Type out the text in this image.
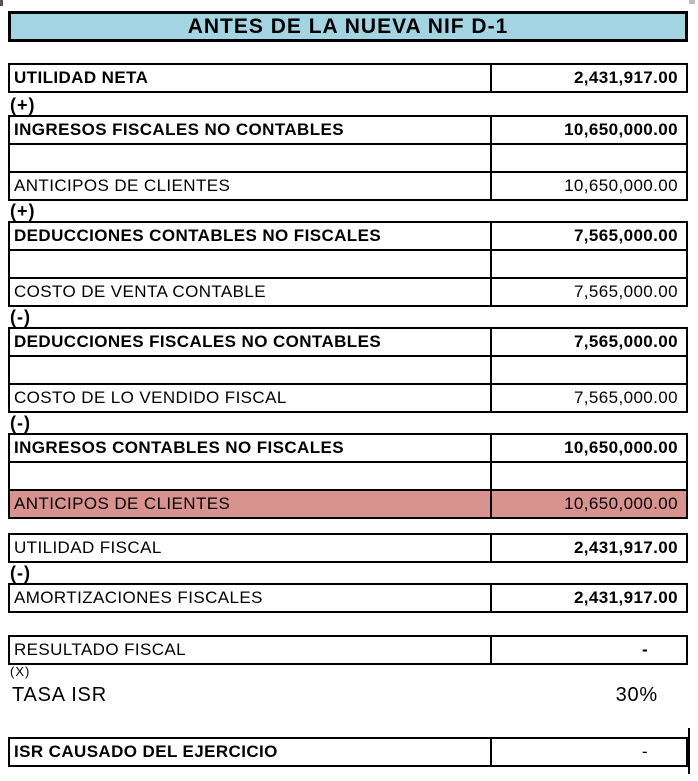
ANTES DE LA NUEVA NIF D-1
UTILIDAD NETA	2,431,917.00
(+)
INGRESOS FISCALES NO CONTABLES	10,650,000.00
ANTICIPOS DE CLIENTES	10,650,000.00
(+)
DEDUCCIONES CONTABLES NO FISCALES	7,565,000.00
COSTO DE VENTA CONTABLE	7,565,000.00
(-)
DEDUCCIONES FISCALES NO CONTABLES	7,565,000.00
COSTO DE LO VENDIDO FISCAL	7,565,000.00
(-)
INGRESOS CONTABLES NO FISCALES	10,650,000.00
ANTICIPOS DE CLIENTES	10,650,000.00
UTILIDAD FISCAL	2,431,917.00
(-)
AMORTIZACIONES FISCALES	2,431,917.00
RESULTADO FISCAL	-
(X)
TASA ISR	30%
ISR CAUSADO DEL EJERCICIO	-
